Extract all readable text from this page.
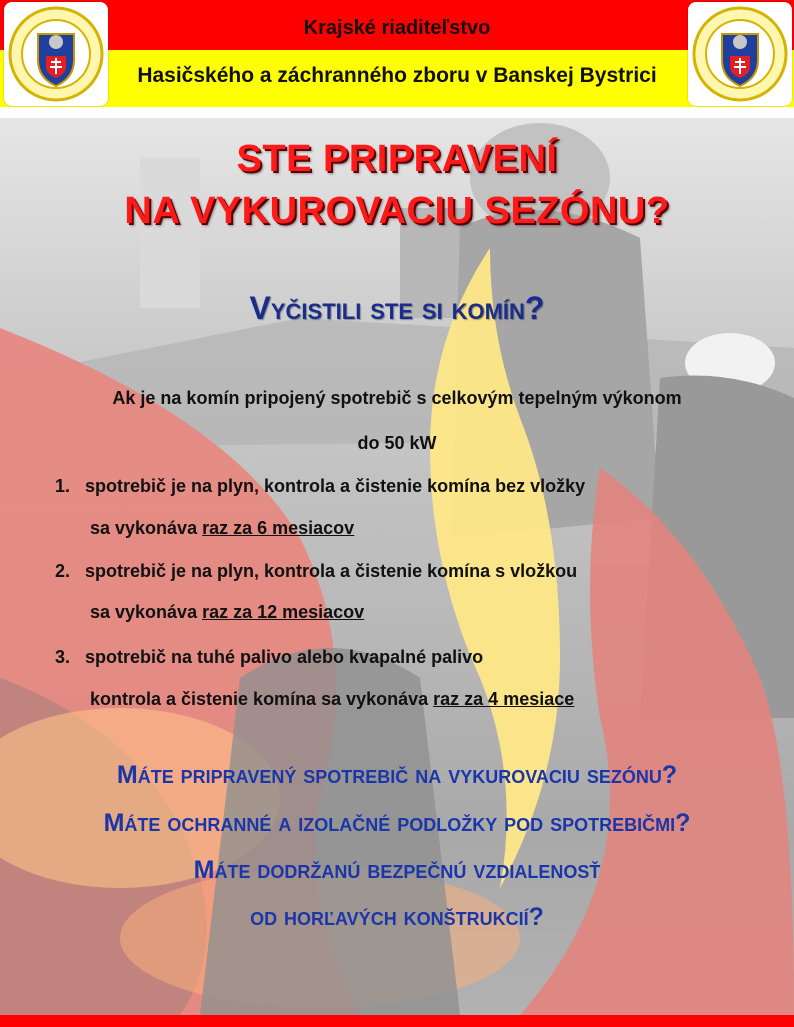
Krajské riaditeľstvo
Hasičského a záchranného zboru v Banskej Bystrici
STE PRIPRAVENÍ
NA VYKUROVACIU SEZÓNU?
Vyčistili ste si komín?
Ak je na komín pripojený spotrebič s celkovým tepelným výkonom
do 50 kW
1. spotrebič je na plyn, kontrola a čistenie komína bez vložky
sa vykonáva raz za 6 mesiacov
2. spotrebič je na plyn, kontrola a čistenie komína s vložkou
sa vykonáva raz za 12 mesiacov
3. spotrebič na tuhé palivo alebo kvapalné palivo
kontrola a čistenie komína sa vykonáva raz za 4 mesiace
Máte pripravený spotrebič na vykurovaciu sezónu?
Máte ochranné a izolačné podložky pod spotrebičmi?
Máte dodržanú bezpečnú vzdialenosť
od horľavých konštrukcií?
